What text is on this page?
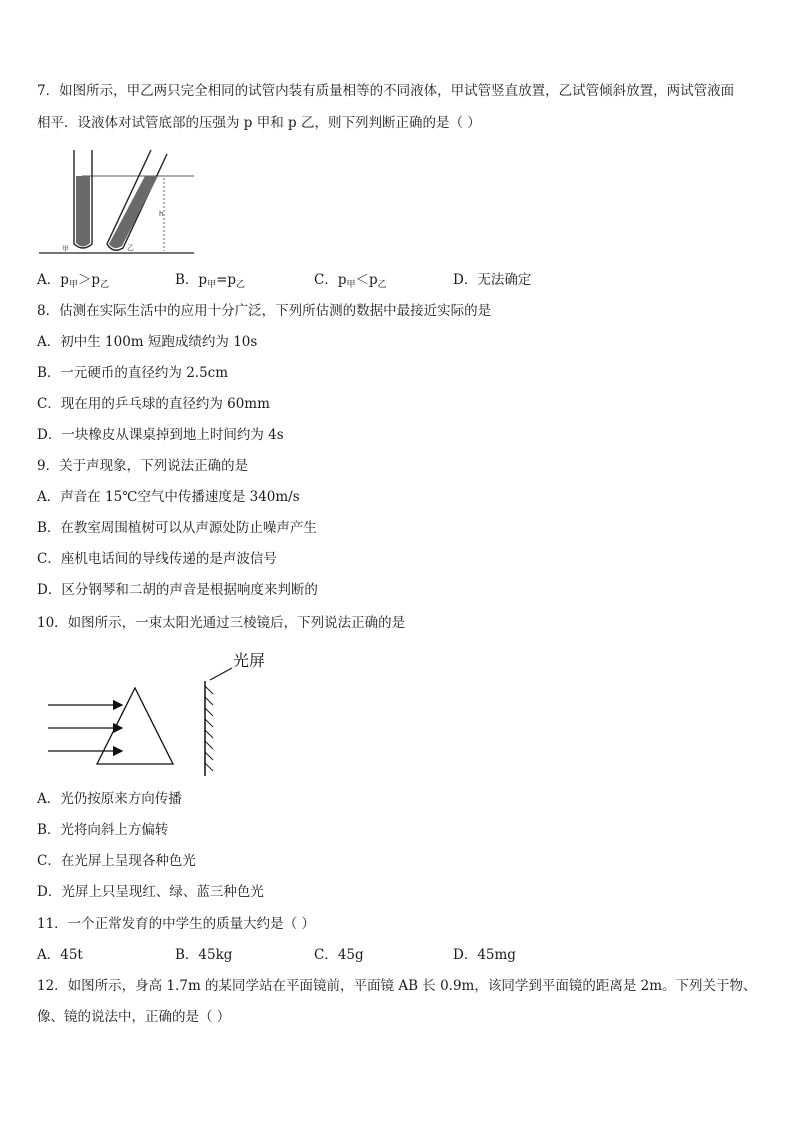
7．如图所示，甲乙两只完全相同的试管内装有质量相等的不同液体，甲试管竖直放置，乙试管倾斜放置，两试管液面
相平．设液体对试管底部的压强为 p 甲和 p 乙，则下列判断正确的是（ ）
h
甲	乙
A．$p_甲>p_乙$	B．$p_甲=p_乙$	C．$p_甲<p_乙$	D．无法确定
8．估测在实际生活中的应用十分广泛，下列所估测的数据中最接近实际的是
A．初中生 100m 短跑成绩约为 10s
B．一元硬币的直径约为 2.5cm
C．现在用的乒乓球的直径约为 60mm
D．一块橡皮从课桌掉到地上时间约为 4s
9．关于声现象，下列说法正确的是
A．声音在 15℃空气中传播速度是 340m/s
B．在教室周围植树可以从声源处防止噪声产生
C．座机电话间的导线传递的是声波信号
D．区分钢琴和二胡的声音是根据响度来判断的
10．如图所示，一束太阳光通过三棱镜后，下列说法正确的是
光屏
A．光仍按原来方向传播
B．光将向斜上方偏转
C．在光屏上呈现各种色光
D．光屏上只呈现红、绿、蓝三种色光
11．一个正常发育的中学生的质量大约是（ ）
A．45t	B．45kg	C．45g	D．45mg
12．如图所示，身高 1.7m 的某同学站在平面镜前，平面镜 AB 长 0.9m，该同学到平面镜的距离是 2m。下列关于物、
像、镜的说法中，正确的是（ ）
